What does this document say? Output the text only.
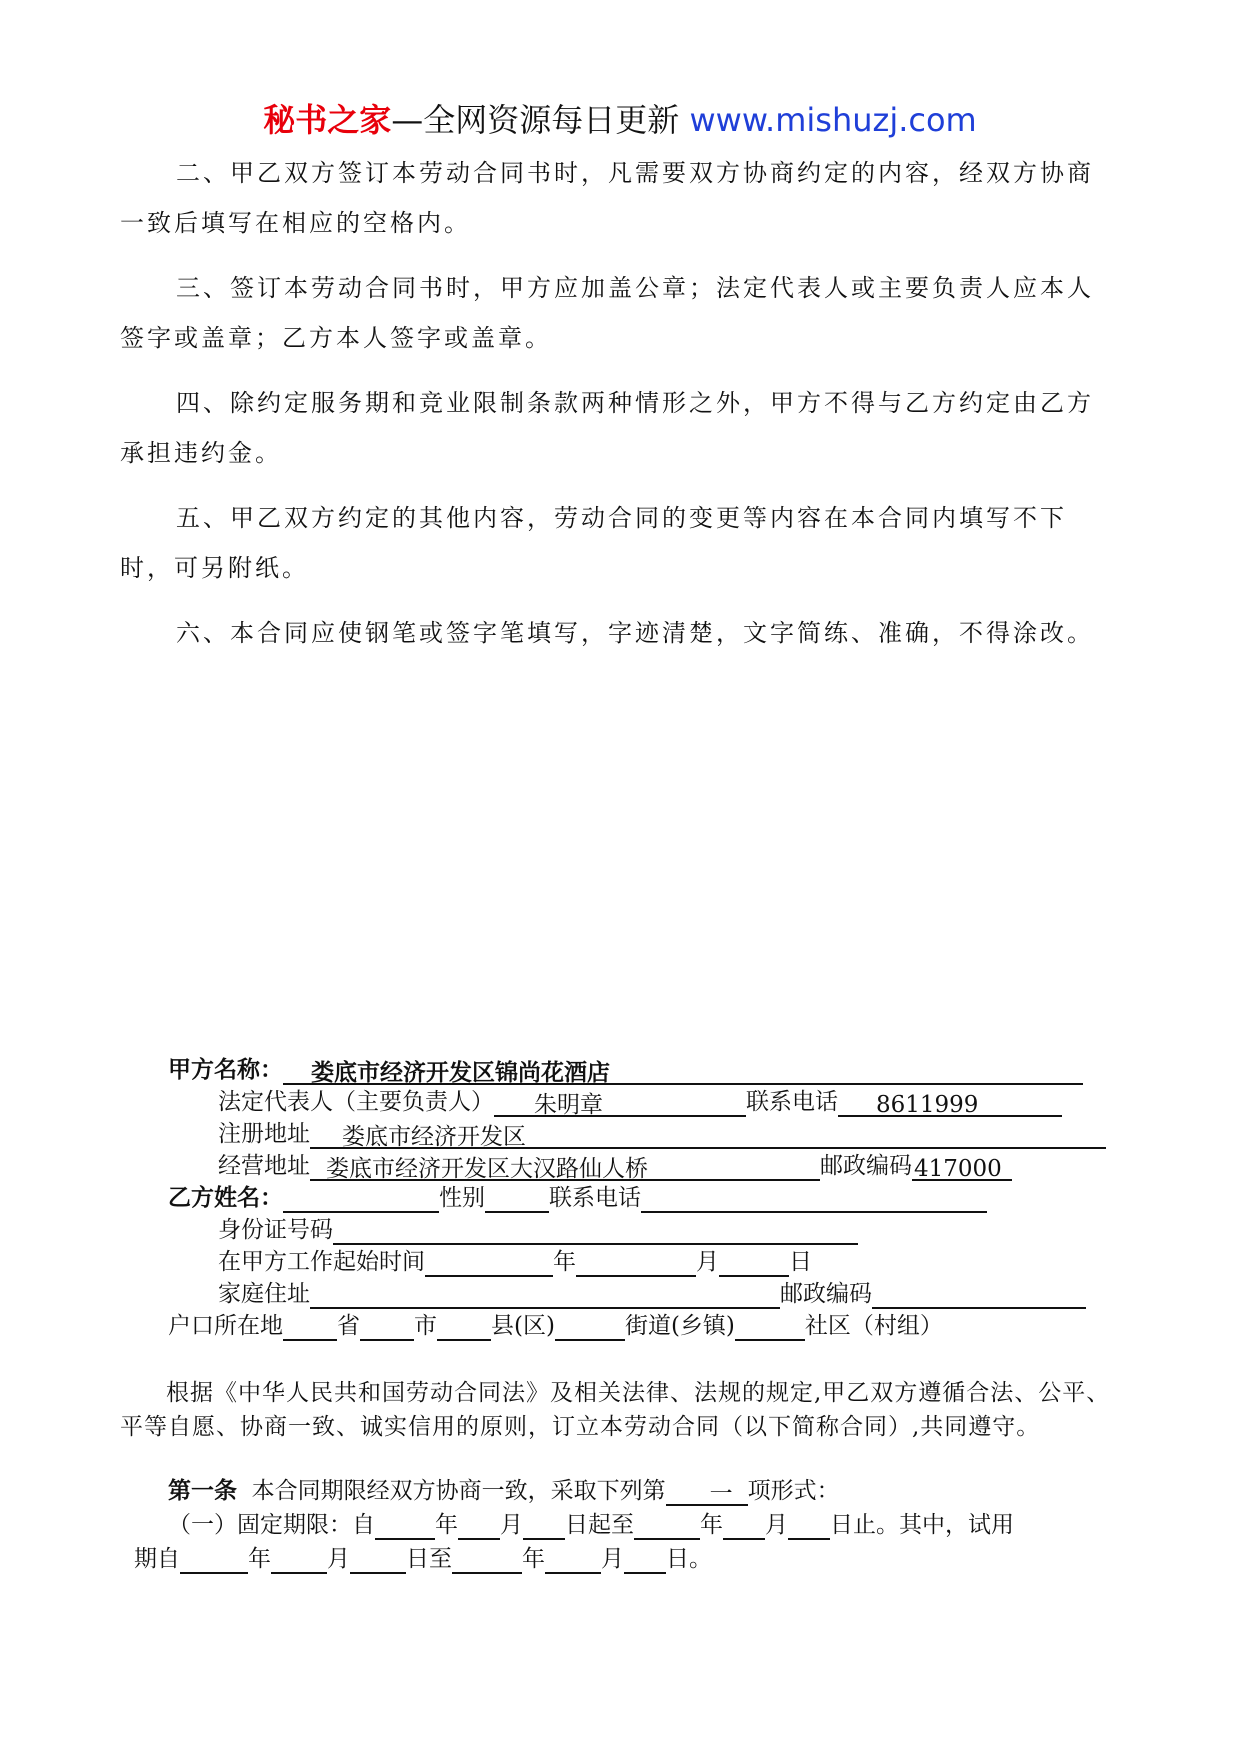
秘书之家—全网资源每日更新 www.mishuzj.com

二、甲乙双方签订本劳动合同书时，凡需要双方协商约定的内容，经双方协商一致后填写在相应的空格内。

三、签订本劳动合同书时，甲方应加盖公章；法定代表人或主要负责人应本人签字或盖章；乙方本人签字或盖章。

四、除约定服务期和竞业限制条款两种情形之外，甲方不得与乙方约定由乙方承担违约金。

五、甲乙双方约定的其他内容，劳动合同的变更等内容在本合同内填写不下时，可另附纸。

六、本合同应使钢笔或签字笔填写，字迹清楚，文字简练、准确，不得涂改。

甲方名称： 娄底市经济开发区锦尚花酒店
法定代表人（主要负责人） 朱明章	联系电话 8611999
注册地址 娄底市经济开发区
经营地址 娄底市经济开发区大汉路仙人桥	邮政编码417000
乙方姓名：	性别	联系电话
身份证号码
在甲方工作起始时间	年	月	日
家庭住址	邮政编码
户口所在地 省 市 县(区)	街道(乡镇)	社区（村组）
根据《中华人民共和国劳动合同法》及相关法律、法规的规定,甲乙双方遵循合法、公平、平等自愿、协商一致、诚实信用的原则，订立本劳动合同（以下简称合同）,共同遵守。
第一条 本合同期限经双方协商一致，采取下列第 一 项形式：
（一）固定期限：自	年 月 日起至	年 月 日止。其中，试用
期自	年 月 日至	年 月 日。
